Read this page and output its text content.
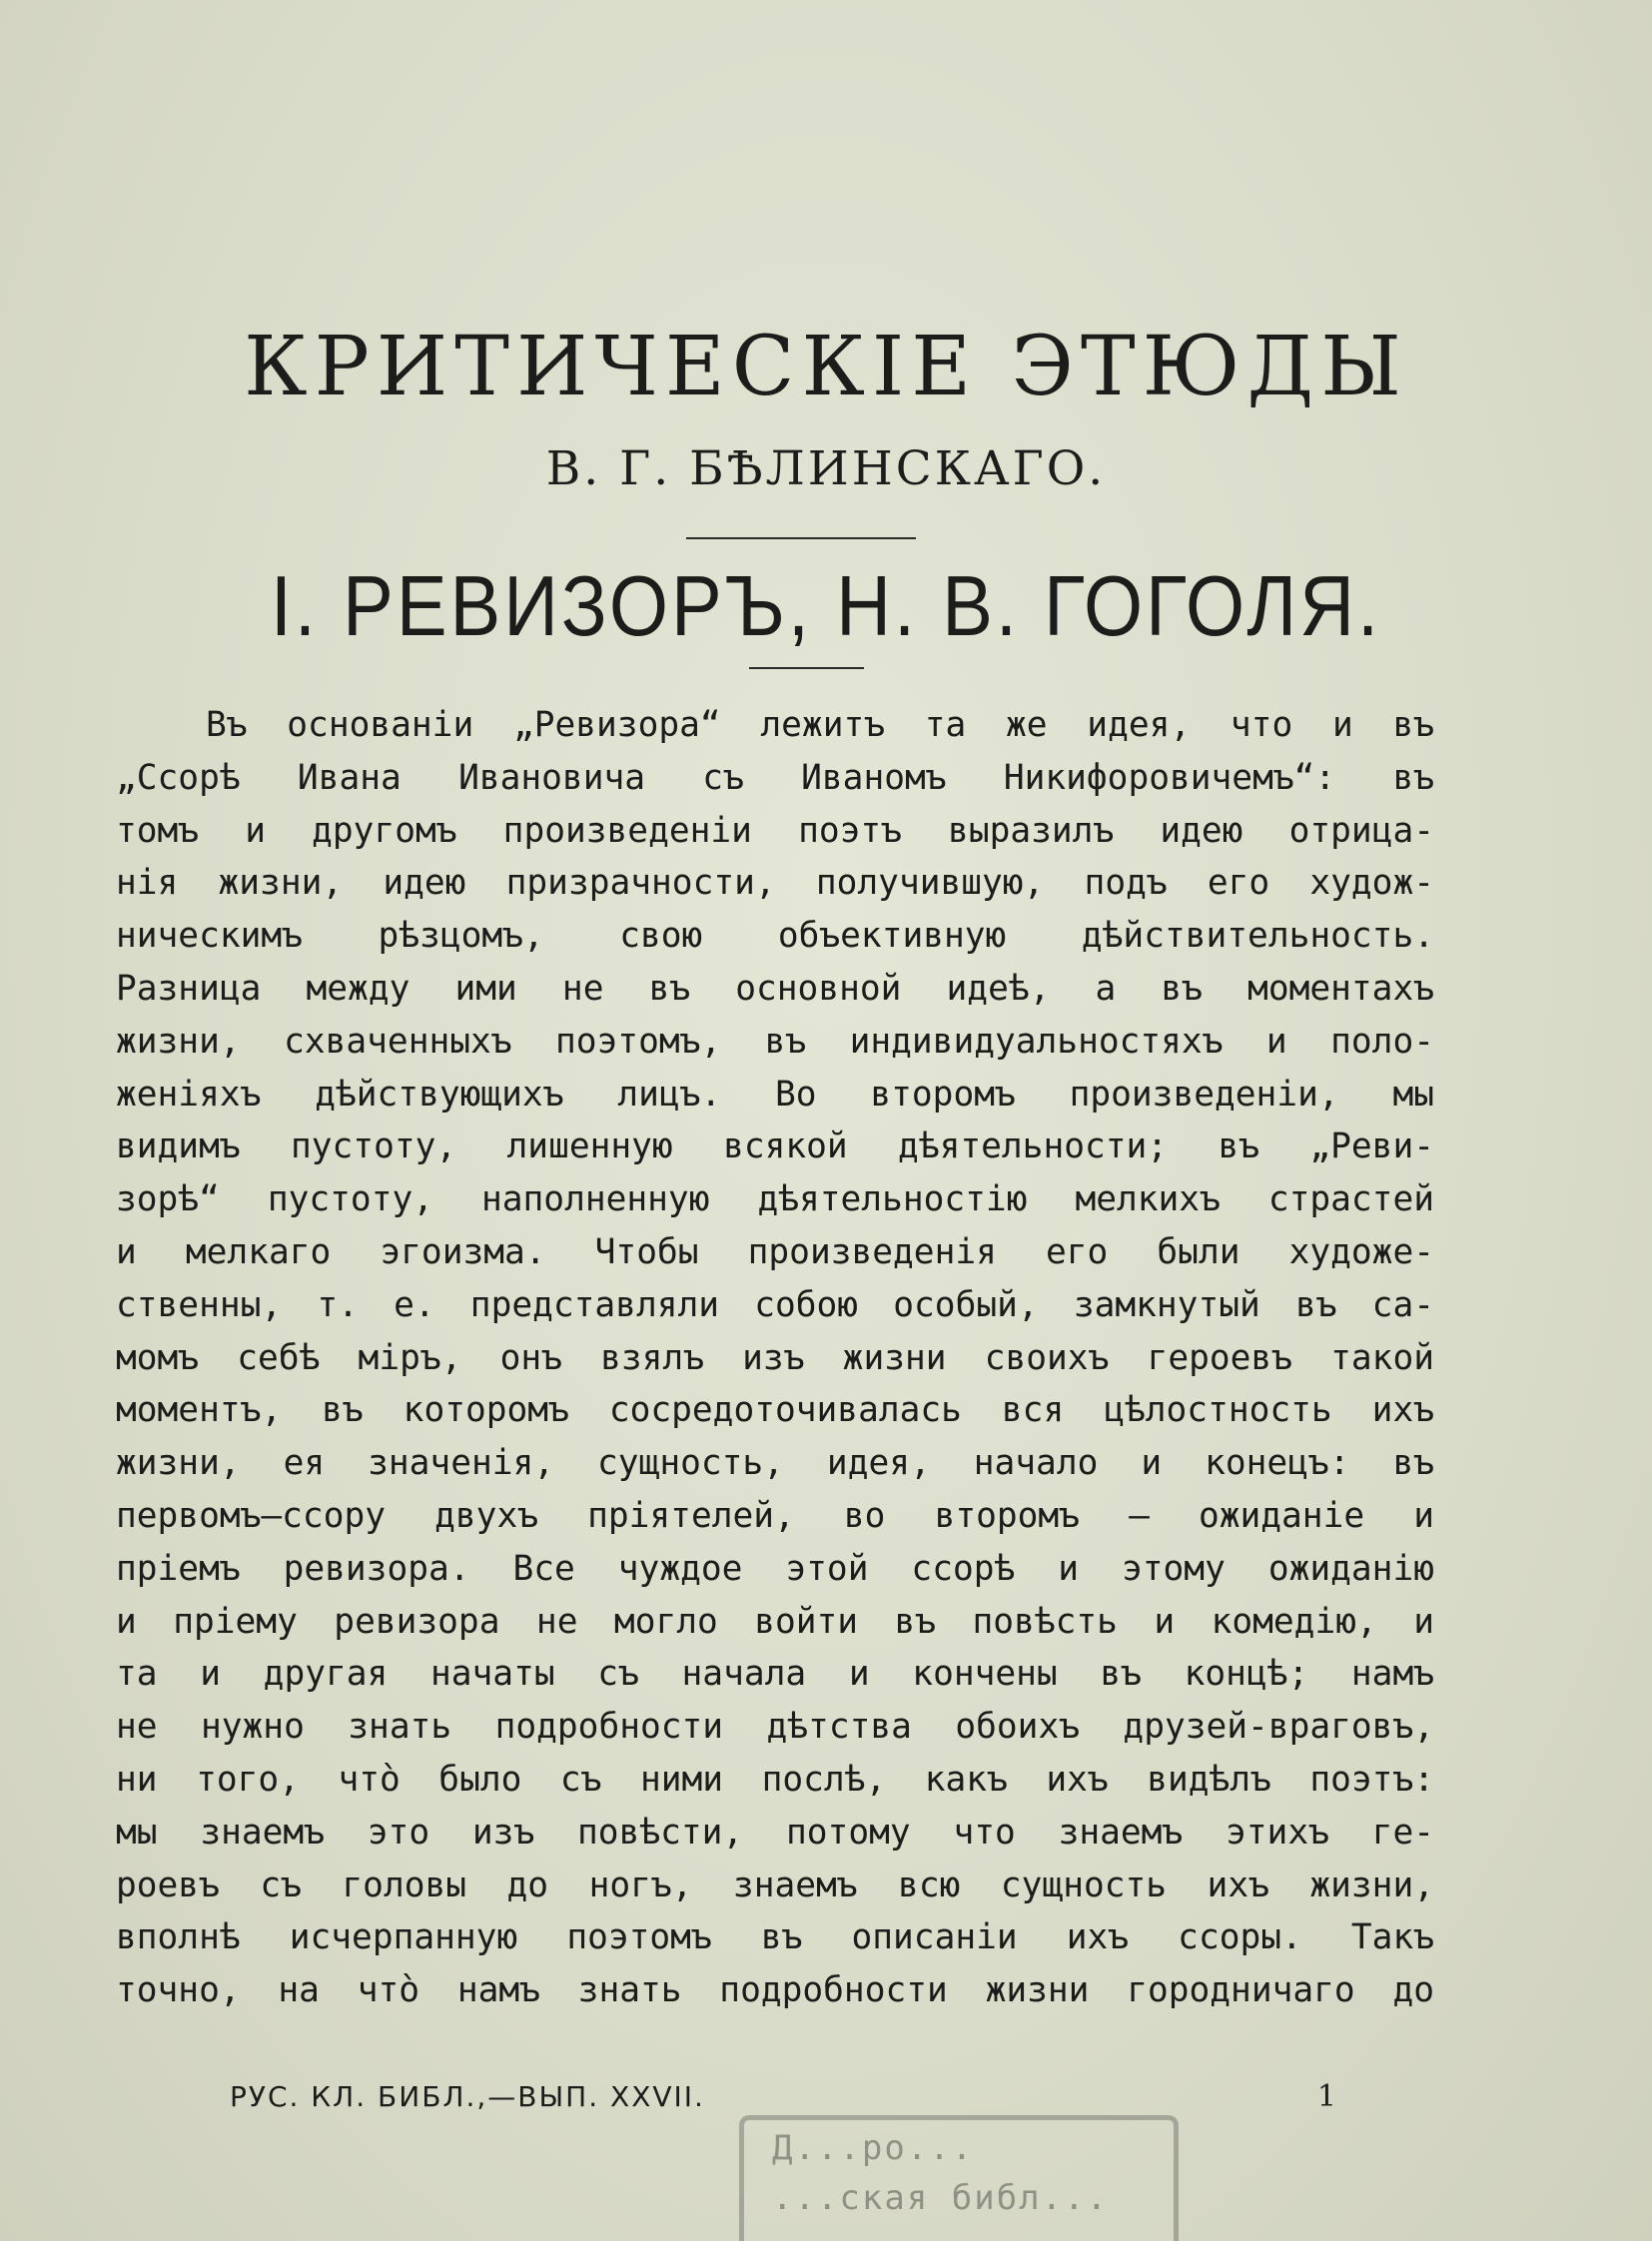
КРИТИЧЕСКІЕ ЭТЮДЫ
В. Г. БѢЛИНСКАГО.
I. РЕВИЗОРЪ, Н. В. ГОГОЛЯ.
Въ основаніи „Ревизора“ лежитъ та же идея, что и въ
„Ссорѣ Ивана Ивановича съ Иваномъ Никифоровичемъ“: въ
томъ и другомъ произведеніи поэтъ выразилъ идею отрица-
нія жизни, идею призрачности, получившую, подъ его худож-
ническимъ рѣзцомъ, свою объективную дѣйствительность.
Разница между ими не въ основной идеѣ, а въ моментахъ
жизни, схваченныхъ поэтомъ, въ индивидуальностяхъ и поло-
женіяхъ дѣйствующихъ лицъ. Во второмъ произведеніи, мы
видимъ пустоту, лишенную всякой дѣятельности; въ „Реви-
зорѣ“ пустоту, наполненную дѣятельностію мелкихъ страстей
и мелкаго эгоизма. Чтобы произведенія его были художе-
ственны, т. е. представляли собою особый, замкнутый въ са-
момъ себѣ міръ, онъ взялъ изъ жизни своихъ героевъ такой
моментъ, въ которомъ сосредоточивалась вся цѣлостность ихъ
жизни, ея значенія, сущность, идея, начало и конецъ: въ
первомъ—ссору двухъ пріятелей, во второмъ — ожиданіе и
пріемъ ревизора. Все чуждое этой ссорѣ и этому ожиданію
и пріему ревизора не могло войти въ повѣсть и комедію, и
та и другая начаты съ начала и кончены въ концѣ; намъ
не нужно знать подробности дѣтства обоихъ друзей-враговъ,
ни того, что̀ было съ ними послѣ, какъ ихъ видѣлъ поэтъ:
мы знаемъ это изъ повѣсти, потому что знаемъ этихъ ге-
роевъ съ головы до ногъ, знаемъ всю сущность ихъ жизни,
вполнѣ исчерпанную поэтомъ въ описаніи ихъ ссоры. Такъ
точно, на что̀ намъ знать подробности жизни городничаго до
РУС. КЛ. БИБЛ.,—ВЫП. XXVII.	1
Д...ро...
...ская библ...
